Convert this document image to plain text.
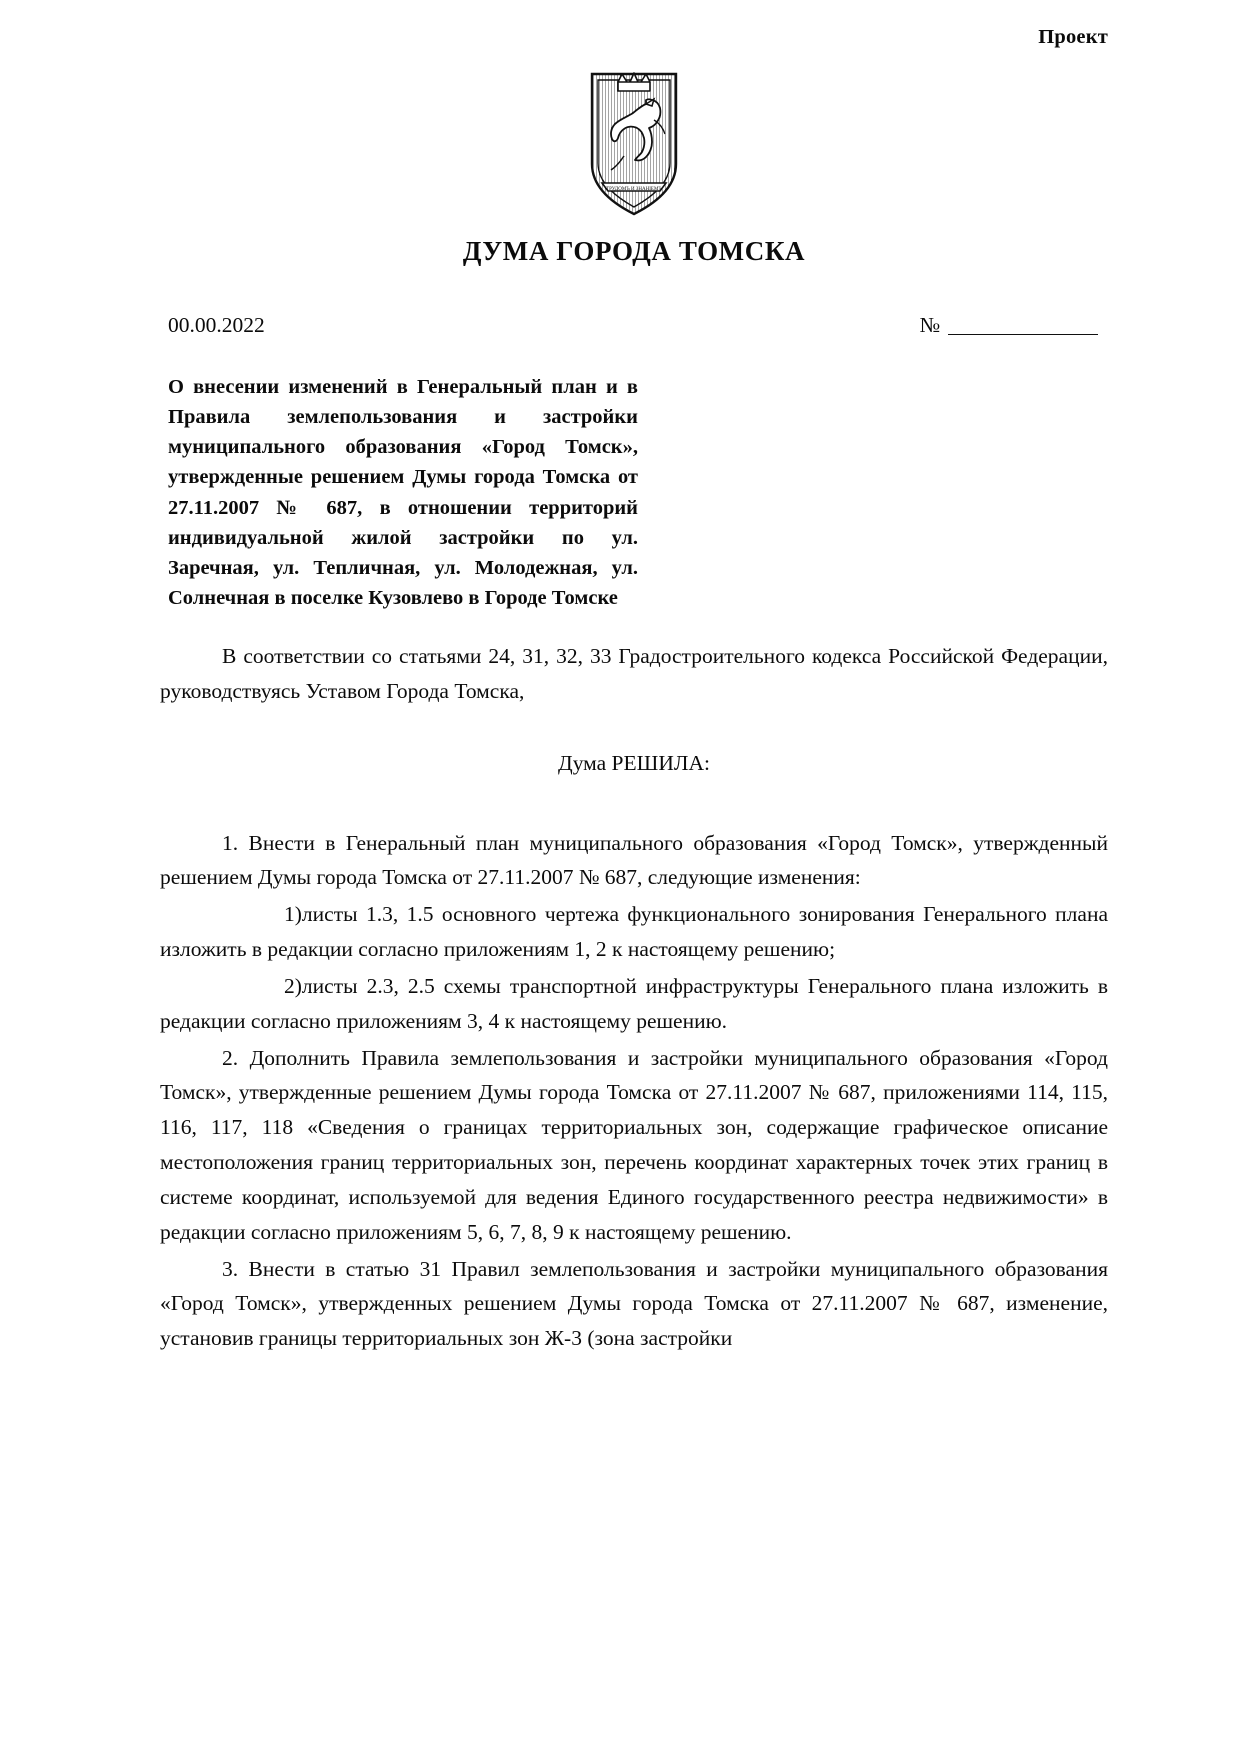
Проект
ТРУДОМЪ И ЗНАНIЕМЪ
ДУМА ГОРОДА ТОМСКА
00.00.2022	№
О внесении изменений в Генеральный план и в Правила землепользования и застройки муниципального образования «Город Томск», утвержденные решением Думы города Томска от 27.11.2007 № 687, в отношении территорий индивидуальной жилой застройки по ул. Заречная, ул. Тепличная, ул. Молодежная, ул. Солнечная в поселке Кузовлево в Городе Томске
В соответствии со статьями 24, 31, 32, 33 Градостроительного кодекса Российской Федерации, руководствуясь Уставом Города Томска,
Дума РЕШИЛА:
1. Внести в Генеральный план муниципального образования «Город Томск», утвержденный решением Думы города Томска от 27.11.2007 № 687, следующие изменения:
1)листы 1.3, 1.5 основного чертежа функционального зонирования Генерального плана изложить в редакции согласно приложениям 1, 2 к настоящему решению;
2)листы 2.3, 2.5 схемы транспортной инфраструктуры Генерального плана изложить в редакции согласно приложениям 3, 4 к настоящему решению.
2. Дополнить Правила землепользования и застройки муниципального образования «Город Томск», утвержденные решением Думы города Томска от 27.11.2007 № 687, приложениями 114, 115, 116, 117, 118 «Сведения о границах территориальных зон, содержащие графическое описание местоположения границ территориальных зон, перечень координат характерных точек этих границ в системе координат, используемой для ведения Единого государственного реестра недвижимости» в редакции согласно приложениям 5, 6, 7, 8, 9 к настоящему решению.
3. Внести в статью 31 Правил землепользования и застройки муниципального образования «Город Томск», утвержденных решением Думы города Томска от 27.11.2007 № 687, изменение, установив границы территориальных зон Ж-3 (зона застройки
